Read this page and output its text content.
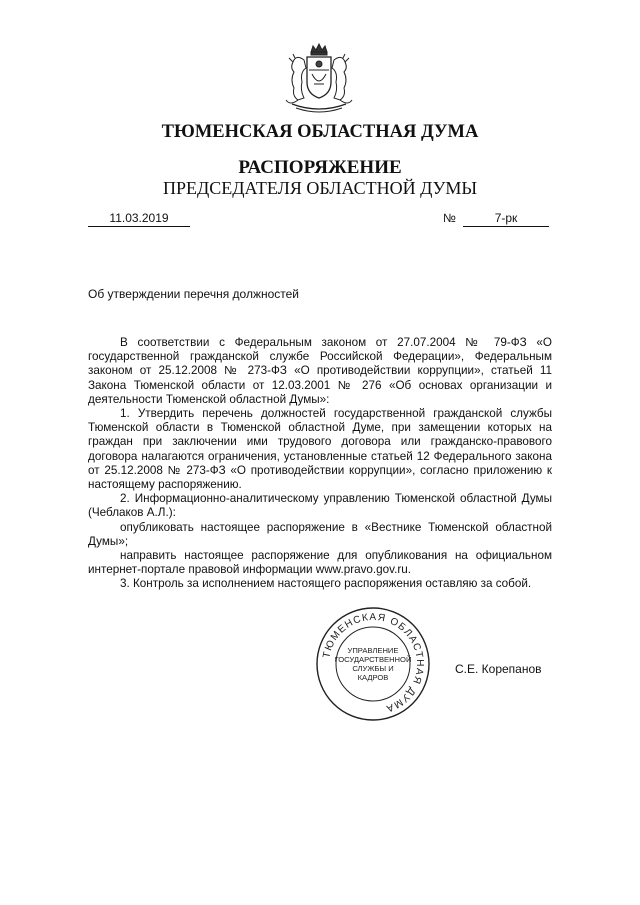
ТЮМЕНСКАЯ ОБЛАСТНАЯ ДУМА
РАСПОРЯЖЕНИЕ
ПРЕДСЕДАТЕЛЯ ОБЛАСТНОЙ ДУМЫ
11.03.2019	№	7-рк
Об утверждении перечня должностей

В соответствии с Федеральным законом от 27.07.2004 № 79-ФЗ «О государственной гражданской службе Российской Федерации», Федеральным законом от 25.12.2008 № 273-ФЗ «О противодействии коррупции», статьей 11 Закона Тюменской области от 12.03.2001 № 276 «Об основах организации и деятельности Тюменской областной Думы»:

1. Утвердить перечень должностей государственной гражданской службы Тюменской области в Тюменской областной Думе, при замещении которых на граждан при заключении ими трудового договора или гражданско-правового договора налагаются ограничения, установленные статьей 12 Федерального закона от 25.12.2008 № 273-ФЗ «О противодействии коррупции», согласно приложению к настоящему распоряжению.

2. Информационно-аналитическому управлению Тюменской областной Думы (Чеблаков А.Л.):

опубликовать настоящее распоряжение в «Вестнике Тюменской областной Думы»;

направить настоящее распоряжение для опубликования на официальном интернет-портале правовой информации www.pravo.gov.ru.

3. Контроль за исполнением настоящего распоряжения оставляю за собой.

ТЮМЕНСКАЯ ОБЛАСТНАЯ ДУМА
УПРАВЛЕНИЕ
ГОСУДАРСТВЕННОЙ
СЛУЖБЫ И
КАДРОВ
С.Е. Корепанов
